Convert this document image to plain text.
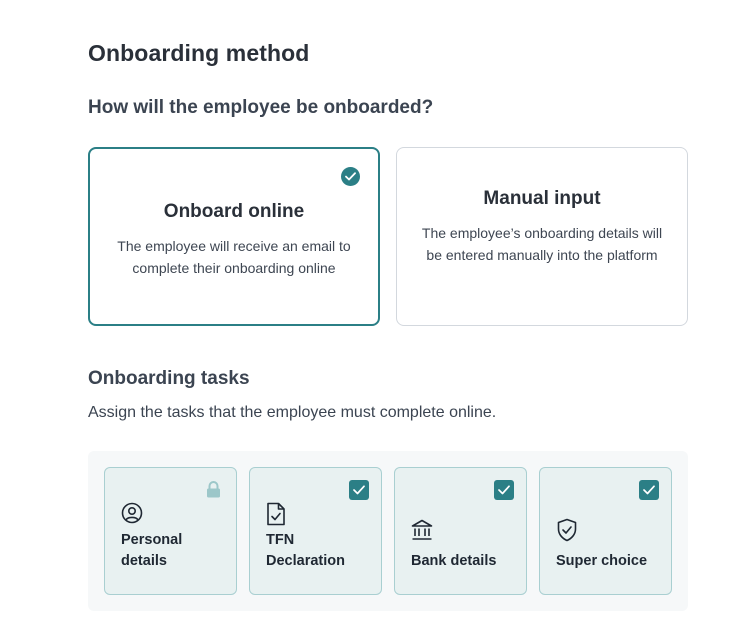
Onboarding method
How will the employee be onboarded?
Onboard online
The employee will receive an email to complete their onboarding online
Manual input
The employee’s onboarding details will be entered manually into the platform
Onboarding tasks

Assign the tasks that the employee must complete online.

Personal
details
TFN
Declaration	Bank details	Super choice
